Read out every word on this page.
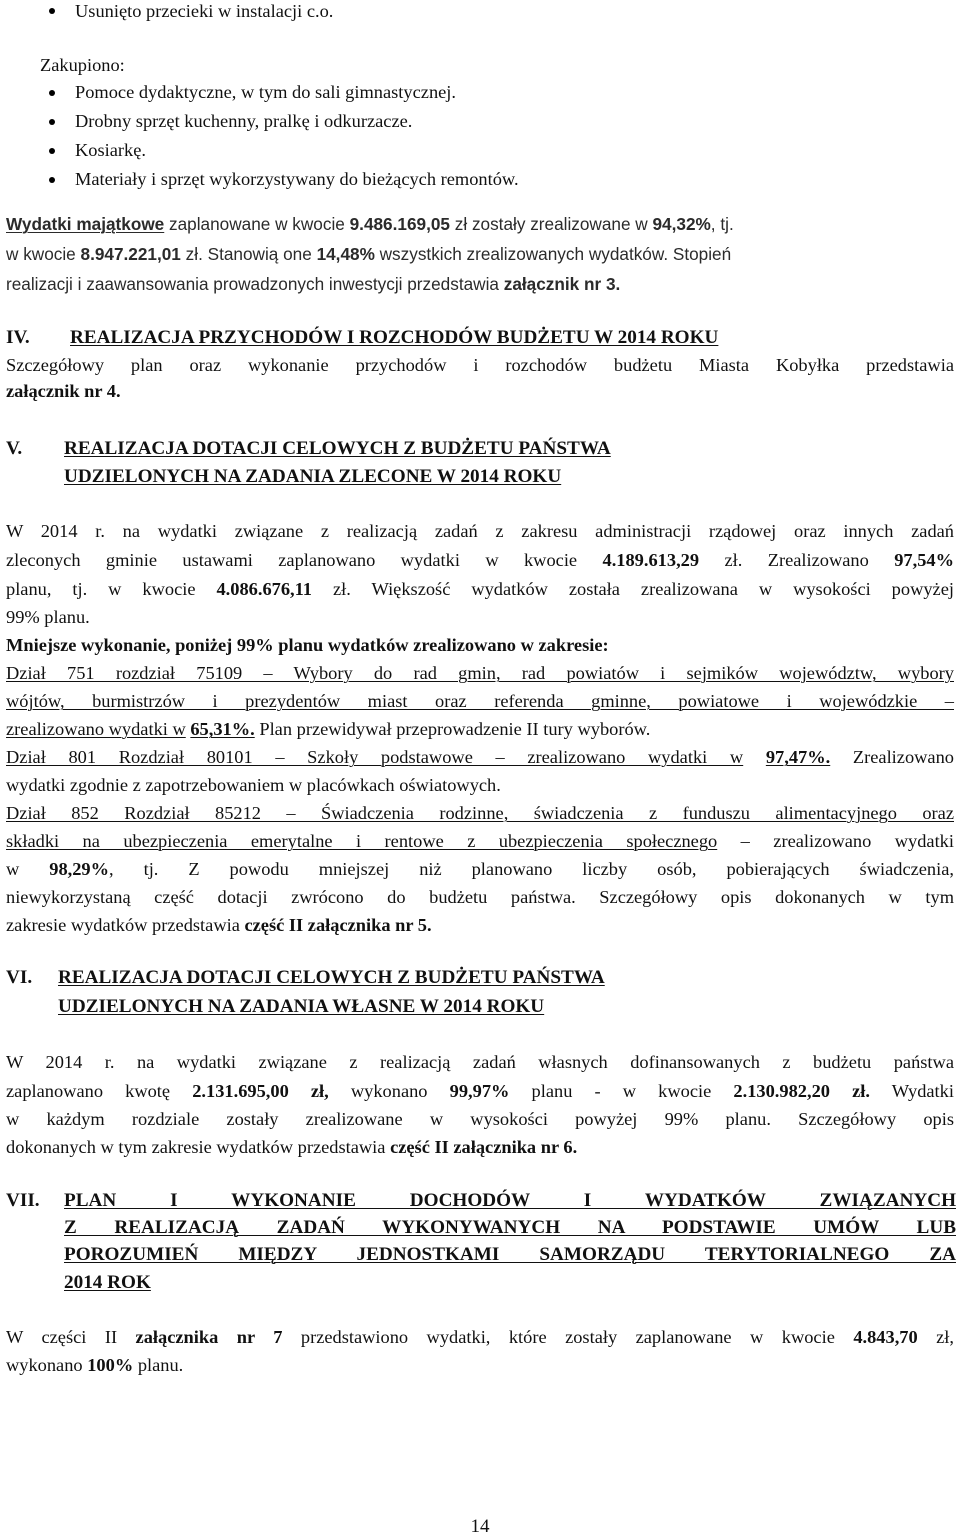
Usunięto przecieki w instalacji c.o.
Zakupiono:
Pomoce dydaktyczne, w tym do sali gimnastycznej.
Drobny sprzęt kuchenny, pralkę i odkurzacze.
Kosiarkę.
Materiały i sprzęt wykorzystywany do bieżących remontów.
Wydatki majątkowe zaplanowane w kwocie 9.486.169,05 zł zostały zrealizowane w 94,32%, tj.
w kwocie 8.947.221,01 zł. Stanowią one 14,48% wszystkich zrealizowanych wydatków. Stopień
realizacji i zaawansowania prowadzonych inwestycji przedstawia załącznik nr 3.
IV. REALIZACJA PRZYCHODÓW I ROZCHODÓW BUDŻETU W 2014 ROKU
Szczegółowy plan oraz wykonanie przychodów i rozchodów budżetu Miasta Kobyłka przedstawia
załącznik nr 4.
V. REALIZACJA DOTACJI CELOWYCH Z BUDŻETU PAŃSTWA
UDZIELONYCH NA ZADANIA ZLECONE W 2014 ROKU
W 2014 r. na wydatki związane z realizacją zadań z zakresu administracji rządowej oraz innych zadań
zleconych gminie ustawami zaplanowano wydatki w kwocie 4.189.613,29 zł. Zrealizowano 97,54%
planu, tj. w kwocie 4.086.676,11 zł. Większość wydatków została zrealizowana w wysokości powyżej
99% planu.
Mniejsze wykonanie, poniżej 99% planu wydatków zrealizowano w zakresie:
Dział 751 rozdział 75109 – Wybory do rad gmin, rad powiatów i sejmików województw, wybory
wójtów, burmistrzów i prezydentów miast oraz referenda gminne, powiatowe i wojewódzkie –
zrealizowano wydatki w 65,31%. Plan przewidywał przeprowadzenie II tury wyborów.
Dział 801 Rozdział 80101 – Szkoły podstawowe – zrealizowano wydatki w 97,47%. Zrealizowano
wydatki zgodnie z zapotrzebowaniem w placówkach oświatowych.
Dział 852 Rozdział 85212 – Świadczenia rodzinne, świadczenia z funduszu alimentacyjnego oraz
składki na ubezpieczenia emerytalne i rentowe z ubezpieczenia społecznego – zrealizowano wydatki
w 98,29%, tj. Z powodu mniejszej niż planowano liczby osób, pobierających świadczenia,
niewykorzystaną część dotacji zwrócono do budżetu państwa. Szczegółowy opis dokonanych w tym
zakresie wydatków przedstawia część II załącznika nr 5.
VI. REALIZACJA DOTACJI CELOWYCH Z BUDŻETU PAŃSTWA
UDZIELONYCH NA ZADANIA WŁASNE W 2014 ROKU
W 2014 r. na wydatki związane z realizacją zadań własnych dofinansowanych z budżetu państwa
zaplanowano kwotę 2.131.695,00 zł, wykonano 99,97% planu - w kwocie 2.130.982,20 zł. Wydatki
w każdym rozdziale zostały zrealizowane w wysokości powyżej 99% planu. Szczegółowy opis
dokonanych w tym zakresie wydatków przedstawia część II załącznika nr 6.
VII. PLAN I WYKONANIE DOCHODÓW I WYDATKÓW ZWIĄZANYCH
Z REALIZACJĄ ZADAŃ WYKONYWANYCH NA PODSTAWIE UMÓW LUB
POROZUMIEŃ MIĘDZY JEDNOSTKAMI SAMORZĄDU TERYTORIALNEGO ZA
2014 ROK
W części II załącznika nr 7 przedstawiono wydatki, które zostały zaplanowane w kwocie 4.843,70 zł,
wykonano 100% planu.
14
